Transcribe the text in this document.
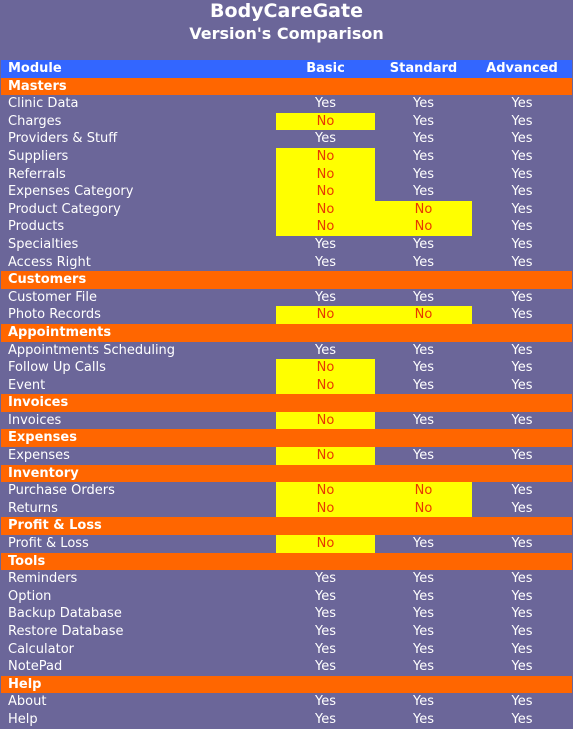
BodyCareGate
Version's Comparison
Module	Basic	Standard	Advanced
Masters			
Clinic Data	Yes	Yes	Yes
Charges	No	Yes	Yes
Providers & Stuff	Yes	Yes	Yes
Suppliers	No	Yes	Yes
Referrals	No	Yes	Yes
Expenses Category	No	Yes	Yes
Product Category	No	No	Yes
Products	No	No	Yes
Specialties	Yes	Yes	Yes
Access Right	Yes	Yes	Yes
Customers			
Customer File	Yes	Yes	Yes
Photo Records	No	No	Yes
Appointments			
Appointments Scheduling	Yes	Yes	Yes
Follow Up Calls	No	Yes	Yes
Event	No	Yes	Yes
Invoices			
Invoices	No	Yes	Yes
Expenses			
Expenses	No	Yes	Yes
Inventory			
Purchase Orders	No	No	Yes
Returns	No	No	Yes
Profit & Loss			
Profit & Loss	No	Yes	Yes
Tools			
Reminders	Yes	Yes	Yes
Option	Yes	Yes	Yes
Backup Database	Yes	Yes	Yes
Restore Database	Yes	Yes	Yes
Calculator	Yes	Yes	Yes
NotePad	Yes	Yes	Yes
Help			
About	Yes	Yes	Yes
Help	Yes	Yes	Yes
